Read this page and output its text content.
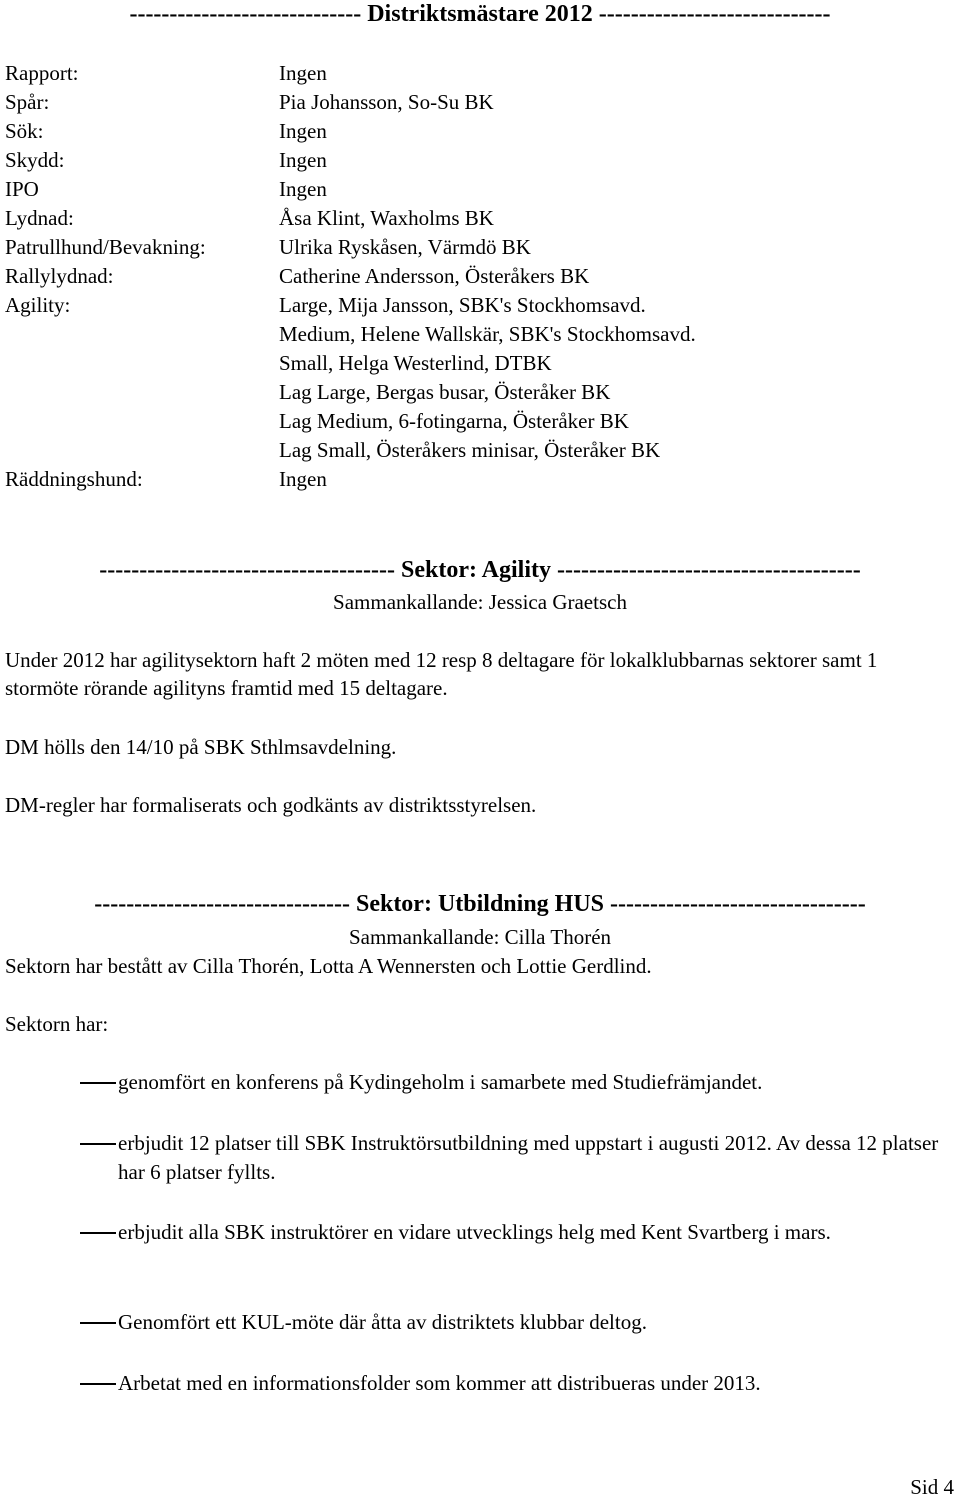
----------------------------- Distriktsmästare 2012 -----------------------------
Rapport:	Ingen
Spår:	Pia Johansson, So-Su BK
Sök:	Ingen
Skydd:	Ingen
IPO	Ingen
Lydnad:	Åsa Klint, Waxholms BK
Patrullhund/Bevakning:	Ulrika Ryskåsen, Värmdö BK
Rallylydnad:	Catherine Andersson, Österåkers BK
Agility:	Large, Mija Jansson, SBK's Stockhomsavd.
Medium, Helene Wallskär, SBK's Stockhomsavd.
Small, Helga Westerlind, DTBK
Lag Large, Bergas busar, Österåker BK
Lag Medium, 6-fotingarna, Österåker BK
Lag Small, Österåkers minisar, Österåker BK
Räddningshund:	Ingen
------------------------------------- Sektor: Agility --------------------------------------
Sammankallande: Jessica Graetsch
Under 2012 har agilitysektorn haft 2 möten med 12 resp 8 deltagare för lokalklubbarnas sektorer samt 1 stormöte rörande agilityns framtid med 15 deltagare.
DM hölls den 14/10 på SBK Sthlmsavdelning.
DM-regler har formaliserats och godkänts av distriktsstyrelsen.
-------------------------------- Sektor: Utbildning HUS --------------------------------
Sammankallande: Cilla Thorén
Sektorn har bestått av Cilla Thorén, Lotta A Wennersten och Lottie Gerdlind.
Sektorn har:
genomfört en konferens på Kydingeholm i samarbete med Studiefrämjandet.
erbjudit 12 platser till SBK Instruktörsutbildning med uppstart i augusti 2012. Av dessa 12 platser har 6 platser fyllts.
erbjudit alla SBK instruktörer en vidare utvecklings helg med Kent Svartberg i mars.
Genomfört ett KUL-möte där åtta av distriktets klubbar deltog.
Arbetat med en informationsfolder som kommer att distribueras under 2013.
Sid 4
